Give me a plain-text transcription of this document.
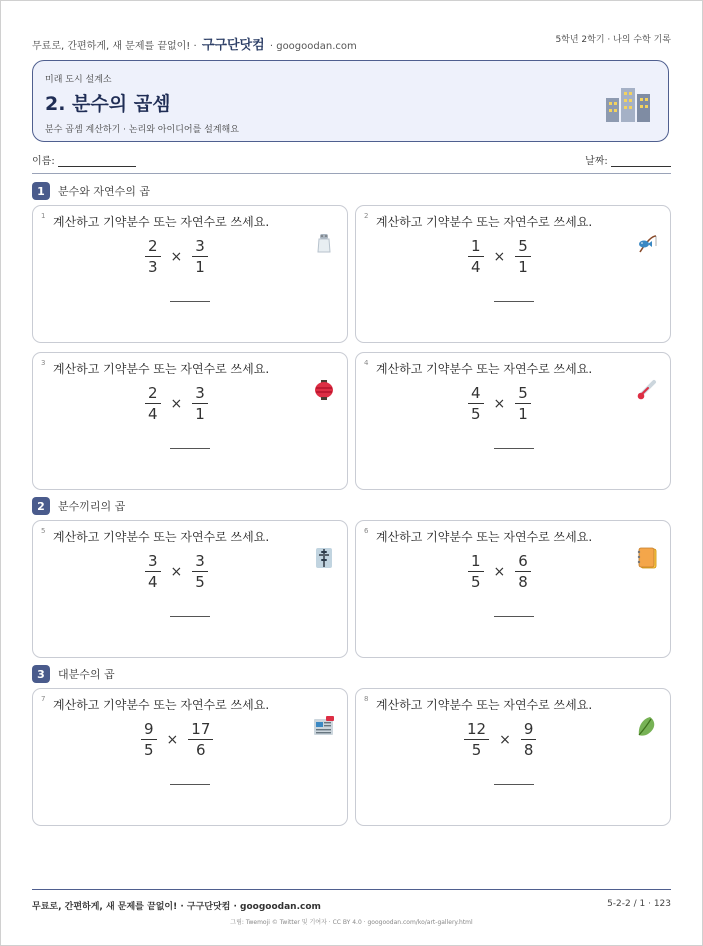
무료로, 간편하게, 새 문제를 끝없이! · 구구단닷컴 · googoodan.com
5학년 2학기 · 나의 수학 기록
미래 도시 설계소
2. 분수의 곱셈
분수 곱셈 계산하기 · 논리와 아이디어를 설계해요
이름:	날짜:
1	분수와 자연수의 곱
1 계산하고 기약분수 또는 자연수로 쓰세요.
$\frac{2}{3} \times \frac{3}{1}$
2 계산하고 기약분수 또는 자연수로 쓰세요.
$\frac{1}{4} \times \frac{5}{1}$
3 계산하고 기약분수 또는 자연수로 쓰세요.
$\frac{2}{4} \times \frac{3}{1}$
4 계산하고 기약분수 또는 자연수로 쓰세요.
$\frac{4}{5} \times \frac{5}{1}$
2	분수끼리의 곱
5 계산하고 기약분수 또는 자연수로 쓰세요.
$\frac{3}{4} \times \frac{3}{5}$
6 계산하고 기약분수 또는 자연수로 쓰세요.
$\frac{1}{5} \times \frac{6}{8}$
3	대분수의 곱
7 계산하고 기약분수 또는 자연수로 쓰세요.
$\frac{9}{5} \times \frac{17}{6}$
8 계산하고 기약분수 또는 자연수로 쓰세요.
$\frac{12}{5} \times \frac{9}{8}$
무료로, 간편하게, 새 문제를 끝없이! · 구구단닷컴 · googoodan.com	5-2-2 / 1 · 123
그림: Twemoji © Twitter 및 기여자 · CC BY 4.0 · googoodan.com/ko/art-gallery.html
